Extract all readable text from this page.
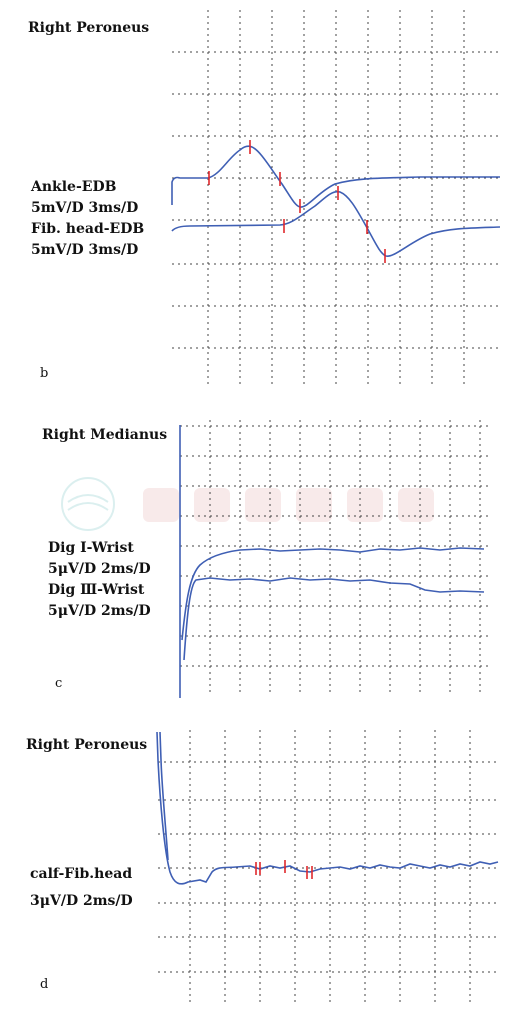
Right Peroneus
Ankle-EDB
5mV/D 3ms/D
Fib. head-EDB
5mV/D 3ms/D
b
Right Medianus
Dig I-Wrist
5μV/D 2ms/D
Dig Ⅲ-Wrist
5μV/D 2ms/D
c
Right Peroneus
calf-Fib.head
3μV/D 2ms/D
d
